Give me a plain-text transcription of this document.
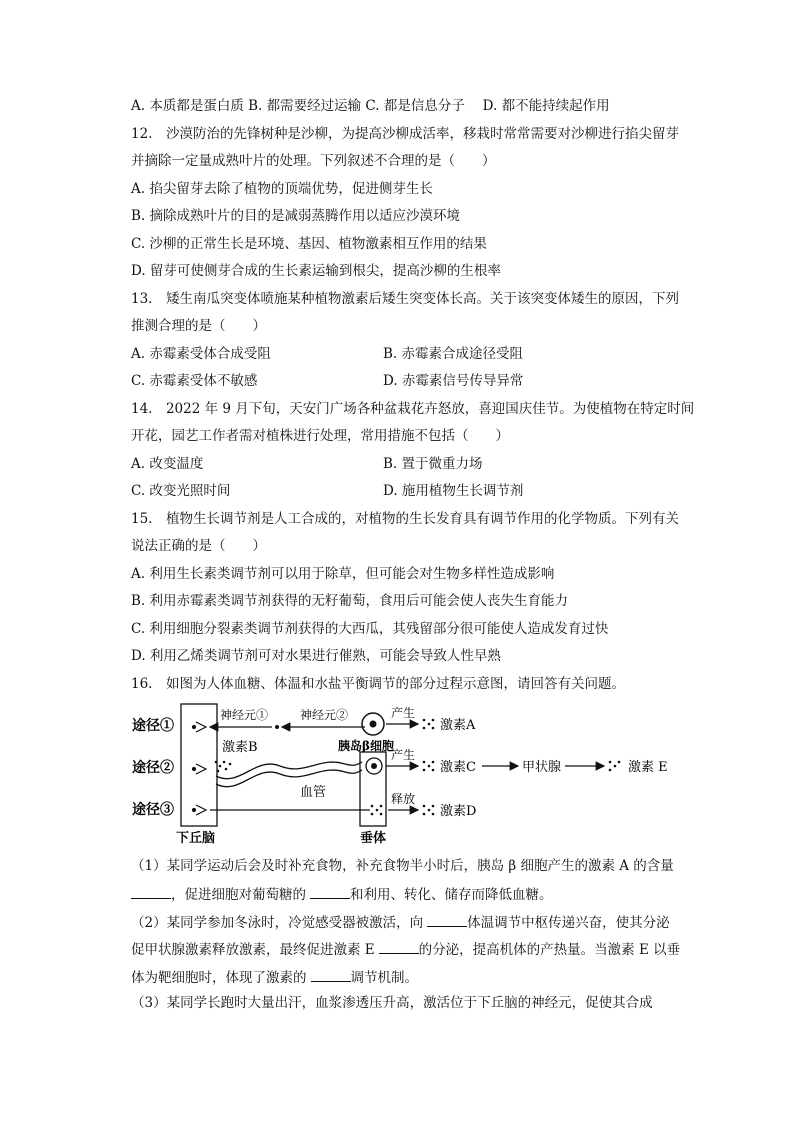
A. 本质都是蛋白质 B. 都需要经过运输 C. 都是信息分子　 D. 都不能持续起作用
12.　沙漠防治的先锋树种是沙柳，为提高沙柳成活率，移栽时常常需要对沙柳进行掐尖留芽
并摘除一定量成熟叶片的处理。下列叙述不合理的是（　　）
A. 掐尖留芽去除了植物的顶端优势，促进侧芽生长
B. 摘除成熟叶片的目的是减弱蒸腾作用以适应沙漠环境
C. 沙柳的正常生长是环境、基因、植物激素相互作用的结果
D. 留芽可使侧芽合成的生长素运输到根尖，提高沙柳的生根率
13.　矮生南瓜突变体喷施某种植物激素后矮生突变体长高。关于该突变体矮生的原因，下列
推测合理的是（　　）
A. 赤霉素受体合成受阻	B. 赤霉素合成途径受阻
C. 赤霉素受体不敏感	D. 赤霉素信号传导异常
14.　2022 年 9 月下旬，天安门广场各种盆栽花卉怒放，喜迎国庆佳节。为使植物在特定时间
开花，园艺工作者需对植株进行处理，常用措施不包括（　　）
A. 改变温度	B. 置于微重力场
C. 改变光照时间	D. 施用植物生长调节剂
15.　植物生长调节剂是人工合成的，对植物的生长发育具有调节作用的化学物质。下列有关
说法正确的是（　　）
A. 利用生长素类调节剂可以用于除草，但可能会对生物多样性造成影响
B. 利用赤霉素类调节剂获得的无籽葡萄，食用后可能会使人丧失生育能力
C. 利用细胞分裂素类调节剂获得的大西瓜，其残留部分很可能使人造成发育过快
D. 利用乙烯类调节剂可对水果进行催熟，可能会导致人性早熟
16.　如图为人体血糖、体温和水盐平衡调节的部分过程示意图，请回答有关问题。
途径①
途径②
途径③
下丘脑	垂体
神经元①	神经元②
胰岛β细胞
产生
激素A
激素B
血管
产生
激素C	甲状腺	激素 E
释放
激素D
（1）某同学运动后会及时补充食物，补充食物半小时后，胰岛 β 细胞产生的激素 A 的含量
，促进细胞对葡萄糖的	和利用、转化、储存而降低血糖。
（2）某同学参加冬泳时，冷觉感受器被激活，向	体温调节中枢传递兴奋，使其分泌
促甲状腺激素释放激素，最终促进激素 E	的分泌，提高机体的产热量。当激素 E 以垂
体为靶细胞时，体现了激素的	调节机制。
（3）某同学长跑时大量出汗，血浆渗透压升高，激活位于下丘脑的神经元，促使其合成
